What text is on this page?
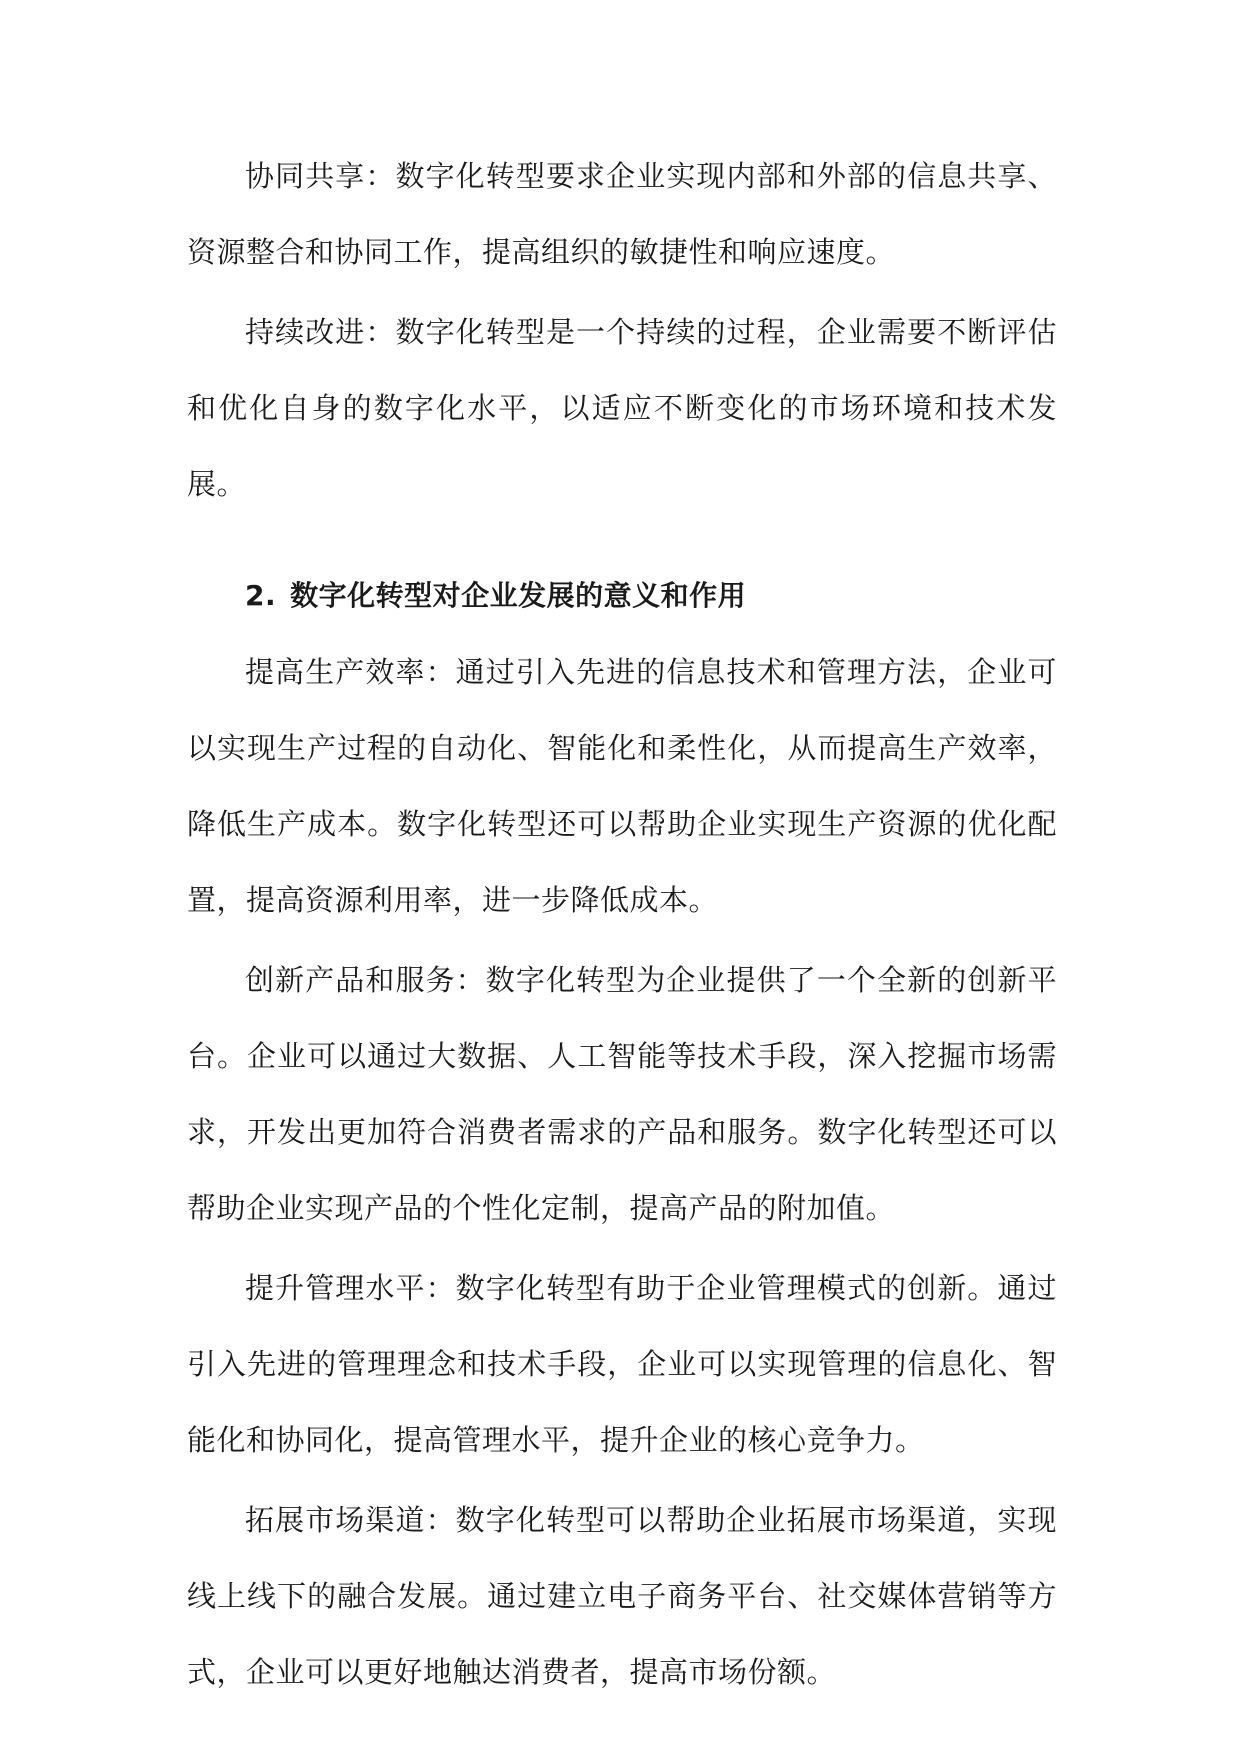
协同共享：数字化转型要求企业实现内部和外部的信息共享、资源整合和协同工作，提高组织的敏捷性和响应速度。

持续改进：数字化转型是一个持续的过程，企业需要不断评估和优化自身的数字化水平，以适应不断变化的市场环境和技术发展。

2. 数字化转型对企业发展的意义和作用

提高生产效率：通过引入先进的信息技术和管理方法，企业可以实现生产过程的自动化、智能化和柔性化，从而提高生产效率，降低生产成本。数字化转型还可以帮助企业实现生产资源的优化配置，提高资源利用率，进一步降低成本。

创新产品和服务：数字化转型为企业提供了一个全新的创新平台。企业可以通过大数据、人工智能等技术手段，深入挖掘市场需求，开发出更加符合消费者需求的产品和服务。数字化转型还可以帮助企业实现产品的个性化定制，提高产品的附加值。

提升管理水平：数字化转型有助于企业管理模式的创新。通过引入先进的管理理念和技术手段，企业可以实现管理的信息化、智能化和协同化，提高管理水平，提升企业的核心竞争力。

拓展市场渠道：数字化转型可以帮助企业拓展市场渠道，实现线上线下的融合发展。通过建立电子商务平台、社交媒体营销等方式，企业可以更好地触达消费者，提高市场份额。
